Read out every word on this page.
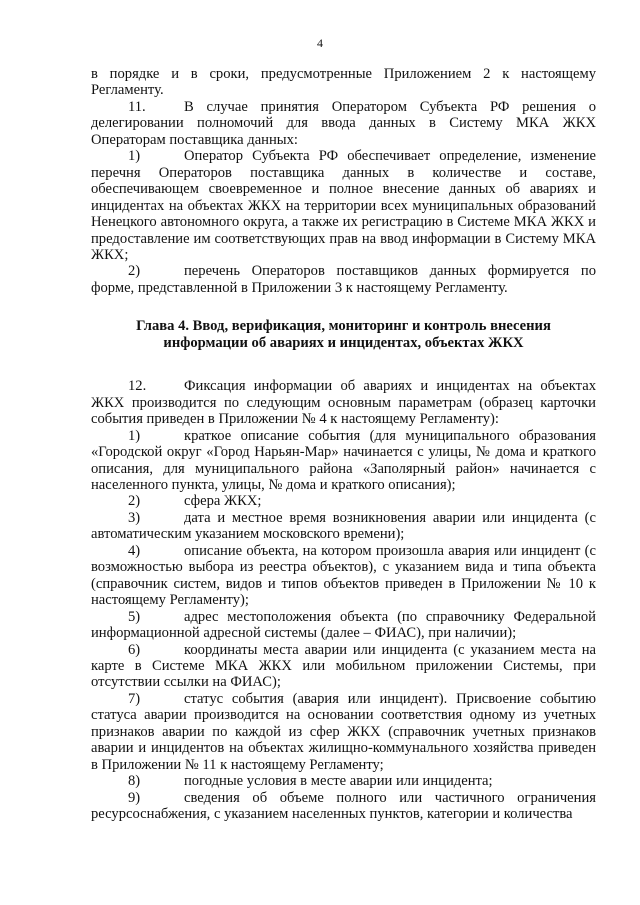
4

в порядке и в сроки, предусмотренные Приложением 2 к настоящему Регламенту.

11.	В случае принятия Оператором Субъекта РФ решения о делегировании полномочий для ввода данных в Систему МКА ЖКХ Операторам поставщика данных:

1)	Оператор Субъекта РФ обеспечивает определение, изменение перечня Операторов поставщика данных в количестве и составе, обеспечивающем своевременное и полное внесение данных об авариях и инцидентах на объектах ЖКХ на территории всех муниципальных образований Ненецкого автономного округа, а также их регистрацию в Системе МКА ЖКХ и предоставление им соответствующих прав на ввод информации в Систему МКА ЖКХ;

2)	перечень Операторов поставщиков данных формируется по форме, представленной в Приложении 3 к настоящему Регламенту.

Глава 4. Ввод, верификация, мониторинг и контроль внесения информации об авариях и инцидентах, объектах ЖКХ

12.	Фиксация информации об авариях и инцидентах на объектах ЖКХ производится по следующим основным параметрам (образец карточки события приведен в Приложении № 4 к настоящему Регламенту):

1)	краткое описание события (для муниципального образования «Городской округ «Город Нарьян-Мар» начинается с улицы, № дома и краткого описания, для муниципального района «Заполярный район» начинается с населенного пункта, улицы, № дома и краткого описания);

2)	сфера ЖКХ;

3)	дата и местное время возникновения аварии или инцидента (с автоматическим указанием московского времени);

4)	описание объекта, на котором произошла авария или инцидент (с возможностью выбора из реестра объектов), с указанием вида и типа объекта (справочник систем, видов и типов объектов приведен в Приложении № 10 к настоящему Регламенту);

5)	адрес местоположения объекта (по справочнику Федеральной информационной адресной системы (далее – ФИАС), при наличии);

6)	координаты места аварии или инцидента (с указанием места на карте в Системе МКА ЖКХ или мобильном приложении Системы, при отсутствии ссылки на ФИАС);

7)	статус события (авария или инцидент). Присвоение событию статуса аварии производится на основании соответствия одному из учетных признаков аварии по каждой из сфер ЖКХ (справочник учетных признаков аварии и инцидентов на объектах жилищно-коммунального хозяйства приведен в Приложении № 11 к настоящему Регламенту;

8)	погодные условия в месте аварии или инцидента;

9)	сведения об объеме полного или частичного ограничения ресурсоснабжения, с указанием населенных пунктов, категории и количества
